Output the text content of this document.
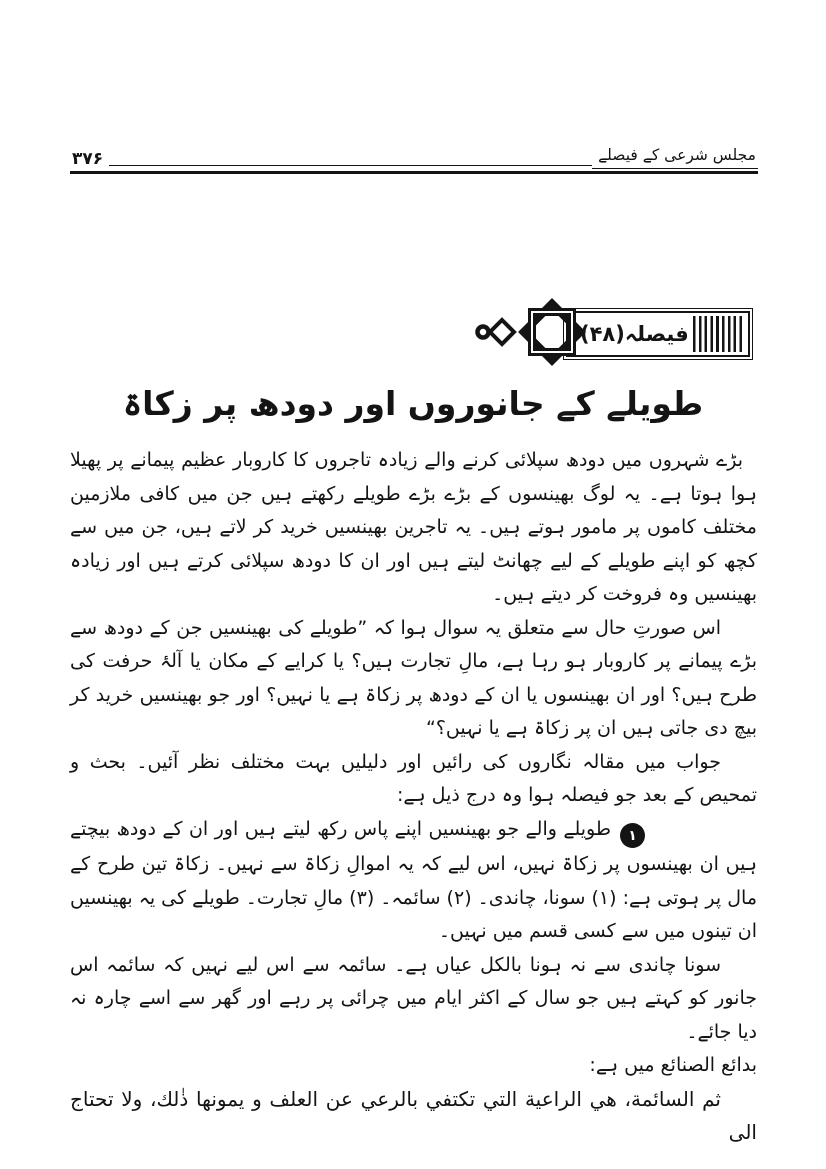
۳۷۶	مجلس شرعی کے فیصلے
فیصلہ(۴۸)
طویلے کے جانوروں اور دودھ پر زکاۃ

بڑے شہروں میں دودھ سپلائی کرنے والے زیادہ تاجروں کا کاروبار عظیم پیمانے پر پھیلا ہوا ہوتا ہے۔ یہ لوگ بھینسوں کے بڑے بڑے طویلے رکھتے ہیں جن میں کافی ملازمین مختلف کاموں پر مامور ہوتے ہیں۔ یہ تاجرین بھینسیں خرید کر لاتے ہیں، جن میں سے کچھ کو اپنے طویلے کے لیے چھانٹ لیتے ہیں اور ان کا دودھ سپلائی کرتے ہیں اور زیادہ بھینسیں وہ فروخت کر دیتے ہیں۔

اس صورتِ حال سے متعلق یہ سوال ہوا کہ ”طویلے کی بھینسیں جن کے دودھ سے بڑے پیمانے پر کاروبار ہو رہا ہے، مالِ تجارت ہیں؟ یا کرایے کے مکان یا آلۂ حرفت کی طرح ہیں؟ اور ان بھینسوں یا ان کے دودھ پر زکاۃ ہے یا نہیں؟ اور جو بھینسیں خرید کر بیچ دی جاتی ہیں ان پر زکاۃ ہے یا نہیں؟“

جواب میں مقالہ نگاروں کی رائیں اور دلیلیں بہت مختلف نظر آئیں۔ بحث و تمحیص کے بعد جو فیصلہ ہوا وہ درج ذیل ہے:

۱طویلے والے جو بھینسیں اپنے پاس رکھ لیتے ہیں اور ان کے دودھ بیچتے ہیں ان بھینسوں پر زکاۃ نہیں، اس لیے کہ یہ اموالِ زکاۃ سے نہیں۔ زکاۃ تین طرح کے مال پر ہوتی ہے: (۱) سونا، چاندی۔ (۲) سائمہ۔ (۳) مالِ تجارت۔ طویلے کی یہ بھینسیں ان تینوں میں سے کسی قسم میں نہیں۔

سونا چاندی سے نہ ہونا بالکل عیاں ہے۔ سائمہ سے اس لیے نہیں کہ سائمہ اس جانور کو کہتے ہیں جو سال کے اکثر ایام میں چرائی پر رہے اور گھر سے اسے چارہ نہ دیا جائے۔

بدائع الصنائع میں ہے:

ثم السائمة، هي الراعية التي تكتفي بالرعي عن العلف و يمونها ذٰلك، ولا تحتاج الى
